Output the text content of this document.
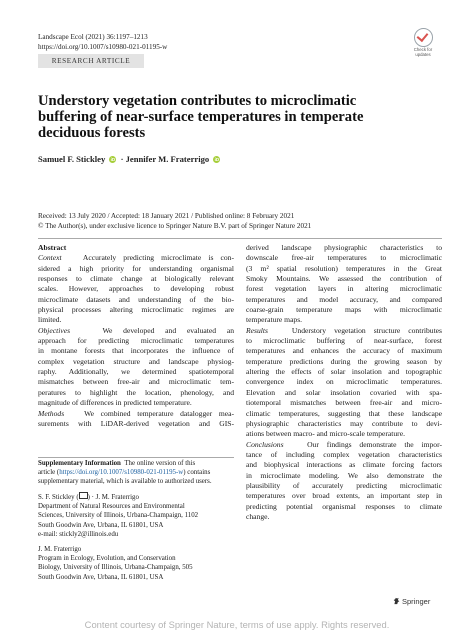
Landscape Ecol (2021) 36:1197–1213
https://doi.org/10.1007/s10980-021-01195-w	Check for
updates
RESEARCH ARTICLE
Understory vegetation contributes to microclimatic
buffering of near-surface temperatures in temperate
deciduous forests
Samuel F. Stickley iD · Jennifer M. Fraterrigo iD
Received: 13 July 2020 / Accepted: 18 January 2021 / Published online: 8 February 2021
© The Author(s), under exclusive licence to Springer Nature B.V. part of Springer Nature 2021
Abstract
Context	Accurately predicting microclimate is con-
sidered a high priority for understanding organismal
responses to climate change at biologically relevant
scales. However, approaches to developing robust
microclimate datasets and understanding of the bio-
physical processes altering microclimatic regimes are
limited.
Objectives	We developed and evaluated an
approach for predicting microclimatic temperatures
in montane forests that incorporates the influence of
complex vegetation structure and landscape physiog-
raphy. Additionally, we determined spatiotemporal
mismatches between free-air and microclimatic tem-
peratures to highlight the location, phenology, and
magnitude of differences in predicted temperature.
Methods	We combined temperature datalogger mea-
surements with LiDAR-derived vegetation and GIS-
Supplementary Information The online version of this
article (https://doi.org/10.1007/s10980-021-01195-w) contains
supplementary material, which is available to authorized users.
S. F. Stickley ( ) · J. M. Fraterrigo
Department of Natural Resources and Environmental
Sciences, University of Illinois, Urbana-Champaign, 1102
South Goodwin Ave, Urbana, IL 61801, USA
e-mail: stickly2@illinois.edu
J. M. Fraterrigo
Program in Ecology, Evolution, and Conservation
Biology, University of Illinois, Urbana-Champaign, 505
South Goodwin Ave, Urbana, IL 61801, USA
derived landscape physiographic characteristics to
downscale free-air temperatures to microclimatic
(3 m² spatial resolution) temperatures in the Great
Smoky Mountains. We assessed the contribution of
forest vegetation layers in altering microclimatic
temperatures and model accuracy, and compared
coarse-grain temperature maps with microclimatic
temperature maps.
Results	Understory vegetation structure contributes
to microclimatic buffering of near-surface, forest
temperatures and enhances the accuracy of maximum
temperature predictions during the growing season by
altering the effects of solar insolation and topographic
convergence index on microclimatic temperatures.
Elevation and solar insolation covaried with spa-
tiotemporal mismatches between free-air and micro-
climatic temperatures, suggesting that these landscape
physiographic characteristics may contribute to devi-
ations between macro- and micro-scale temperature.
Conclusions	Our findings demonstrate the impor-
tance of including complex vegetation characteristics
and biophysical interactions as climate forcing factors
in microclimate modeling. We also demonstrate the
plausibility of accurately predicting microclimatic
temperatures over broad extents, an important step in
predicting potential organismal responses to climate
change.
Springer
Content courtesy of Springer Nature, terms of use apply. Rights reserved.
